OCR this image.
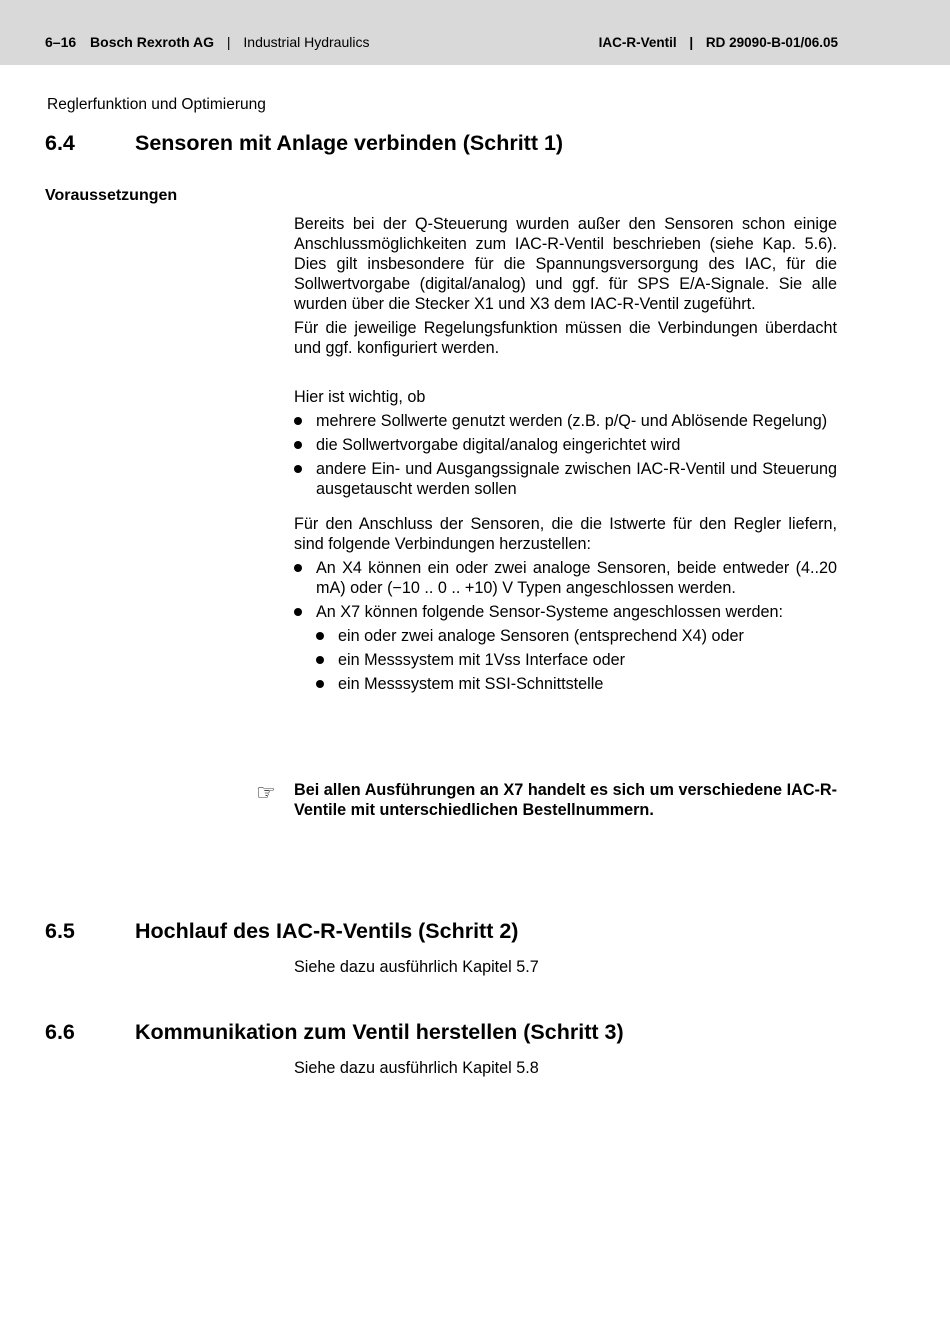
6–16 Bosch Rexroth AG | Industrial Hydraulics	IAC-R-Ventil | RD 29090-B-01/06.05
Reglerfunktion und Optimierung
6.4	Sensoren mit Anlage verbinden (Schritt 1)
Voraussetzungen

Bereits bei der Q-Steuerung wurden außer den Sensoren schon einige Anschlussmöglichkeiten zum IAC-R-Ventil beschrieben (siehe Kap. 5.6). Dies gilt insbesondere für die Spannungsversorgung des IAC, für die Sollwertvorgabe (digital/analog) und ggf. für SPS E/A-Signale. Sie alle wurden über die Stecker X1 und X3 dem IAC-R-Ventil zugeführt.

Für die jeweilige Regelungsfunktion müssen die Verbindungen überdacht und ggf. konfiguriert werden.

Hier ist wichtig, ob

mehrere Sollwerte genutzt werden (z.B. p/Q- und Ablösende Regelung)
die Sollwertvorgabe digital/analog eingerichtet wird
andere Ein- und Ausgangssignale zwischen IAC-R-Ventil und Steuerung ausgetauscht werden sollen

Für den Anschluss der Sensoren, die die Istwerte für den Regler liefern, sind folgende Verbindungen herzustellen:

An X4 können ein oder zwei analoge Sensoren, beide entweder (4..20 mA) oder (−10 .. 0 .. +10) V Typen angeschlossen werden.
An X7 können folgende Sensor-Systeme angeschlossen werden:
ein oder zwei analoge Sensoren (entsprechend X4) oder
ein Messsystem mit 1Vss Interface oder
ein Messsystem mit SSI-Schnittstelle
☞ Bei allen Ausführungen an X7 handelt es sich um verschiedene IAC-R-Ventile mit unterschiedlichen Bestellnummern.
6.5	Hochlauf des IAC-R-Ventils (Schritt 2)
Siehe dazu ausführlich Kapitel 5.7
6.6	Kommunikation zum Ventil herstellen (Schritt 3)
Siehe dazu ausführlich Kapitel 5.8
